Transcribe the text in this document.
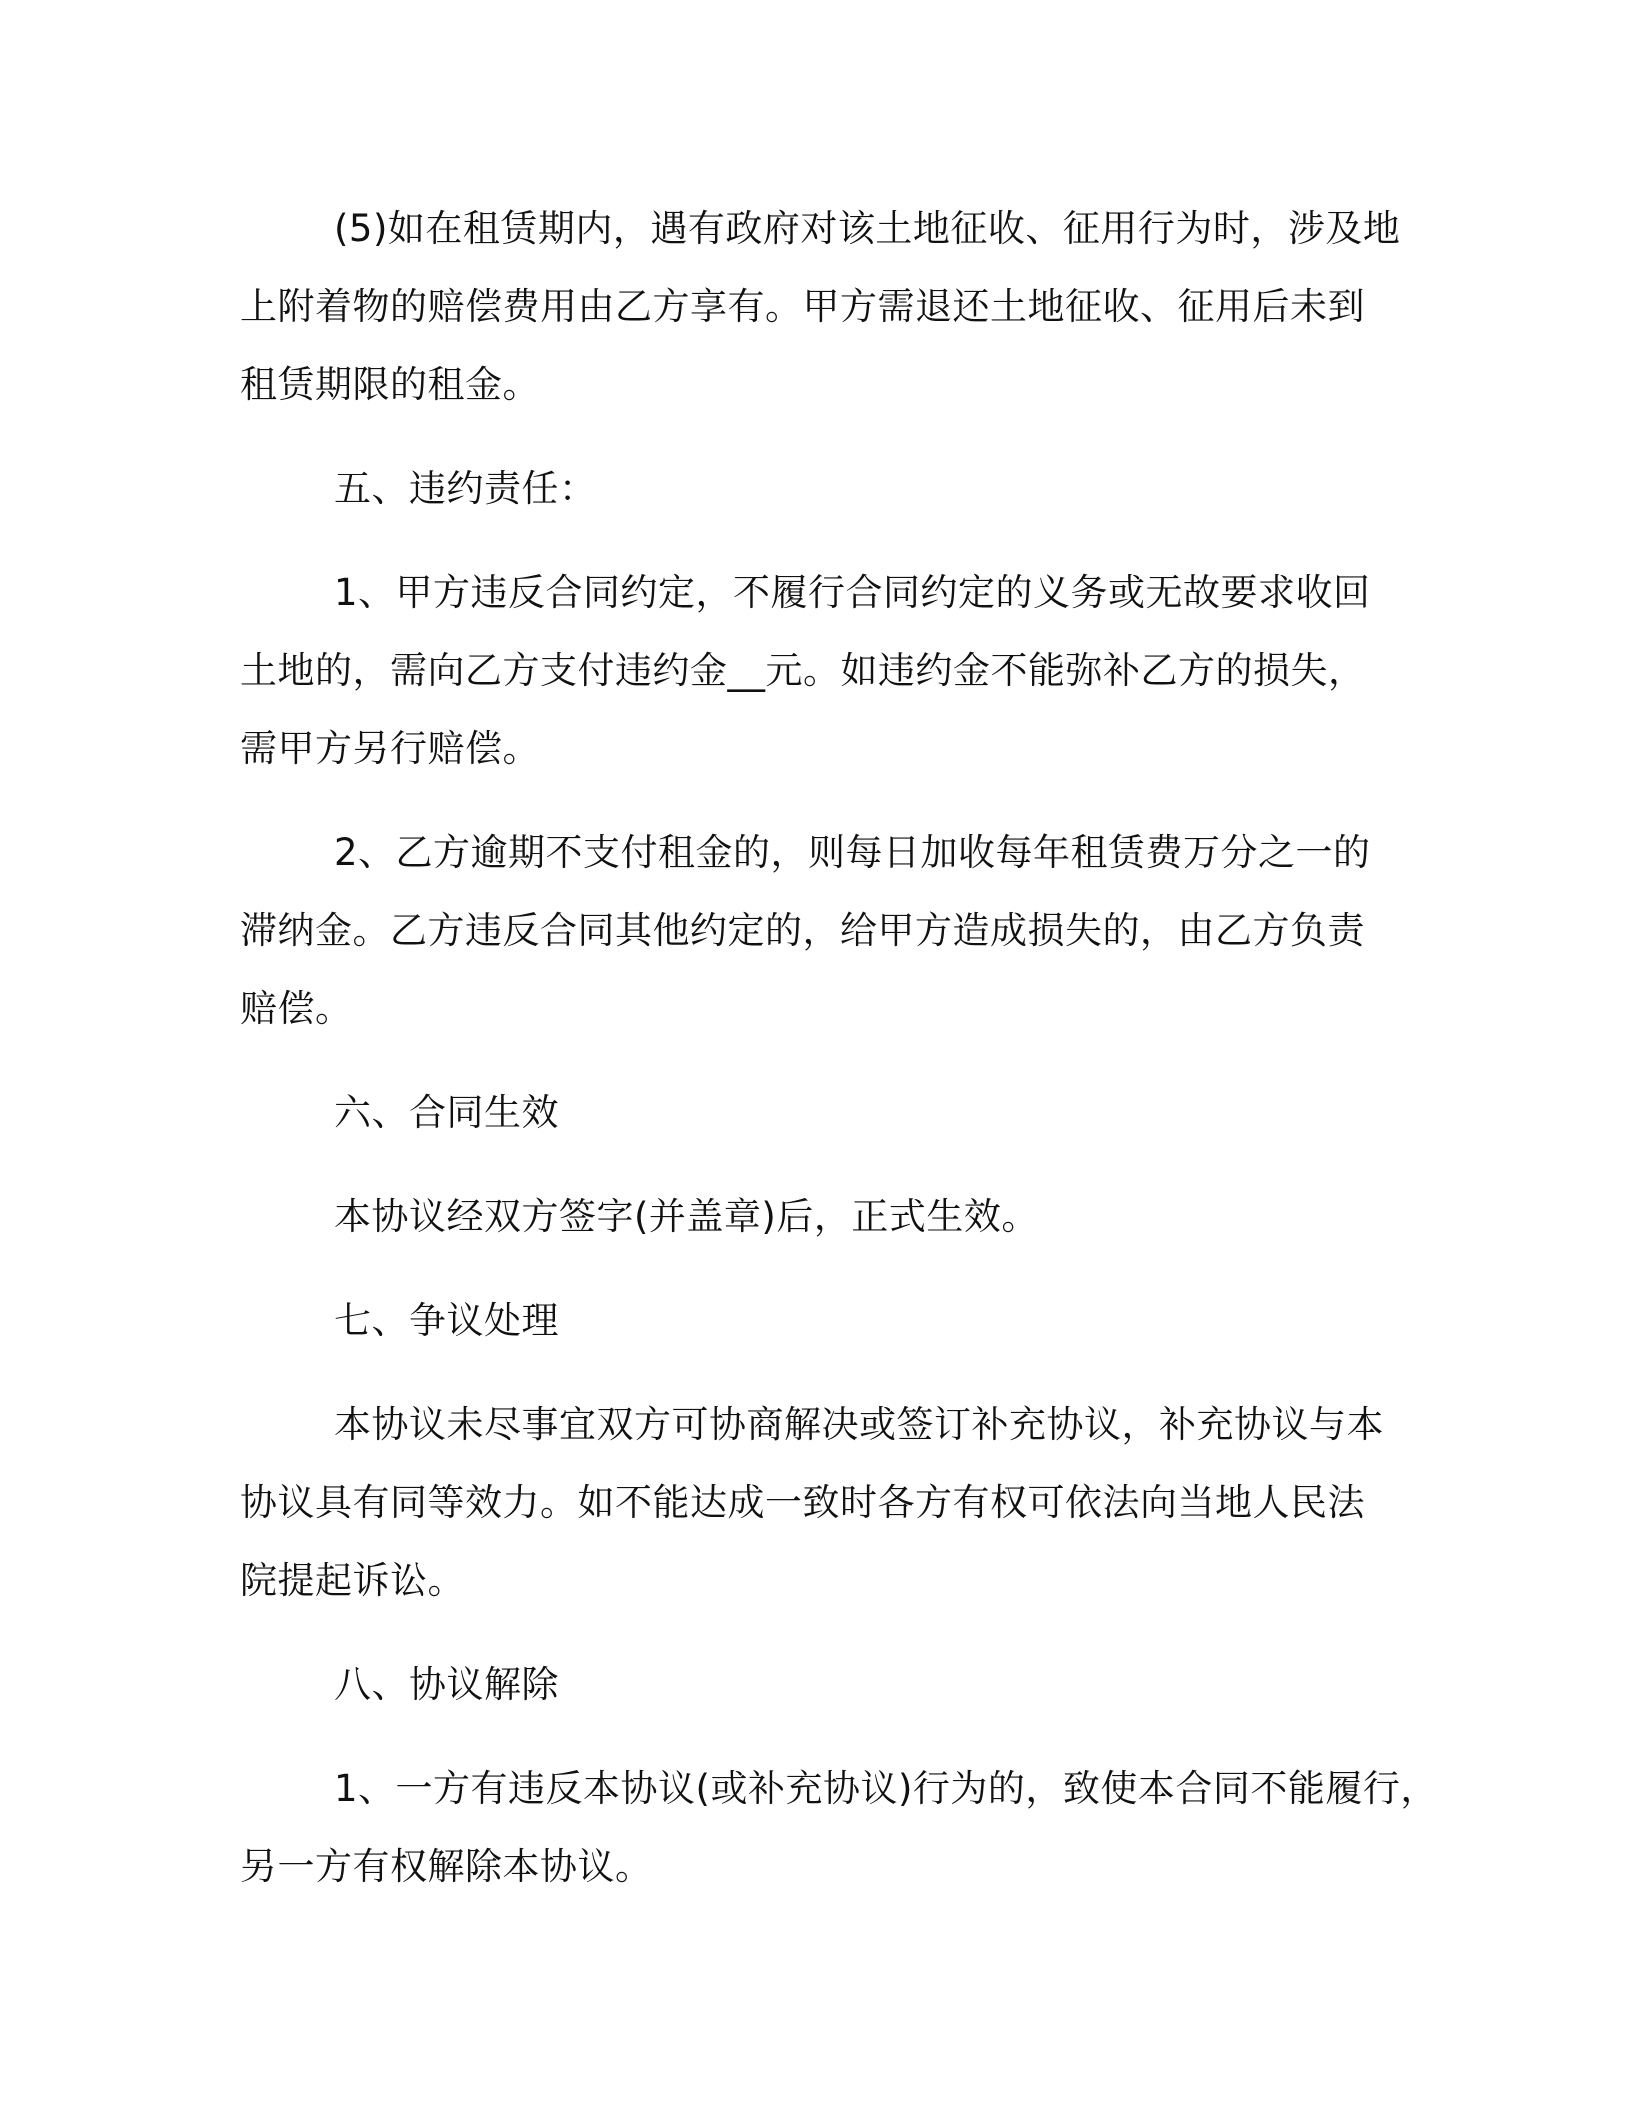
(5)如在租赁期内，遇有政府对该土地征收、征用行为时，涉及地
上附着物的赔偿费用由乙方享有。甲方需退还土地征收、征用后未到
租赁期限的租金。
五、违约责任：
1、甲方违反合同约定，不履行合同约定的义务或无故要求收回
土地的，需向乙方支付违约金__元。如违约金不能弥补乙方的损失，
需甲方另行赔偿。
2、乙方逾期不支付租金的，则每日加收每年租赁费万分之一的
滞纳金。乙方违反合同其他约定的，给甲方造成损失的，由乙方负责
赔偿。
六、合同生效
本协议经双方签字(并盖章)后，正式生效。
七、争议处理
本协议未尽事宜双方可协商解决或签订补充协议，补充协议与本
协议具有同等效力。如不能达成一致时各方有权可依法向当地人民法
院提起诉讼。
八、协议解除
1、一方有违反本协议(或补充协议)行为的，致使本合同不能履行，
另一方有权解除本协议。
